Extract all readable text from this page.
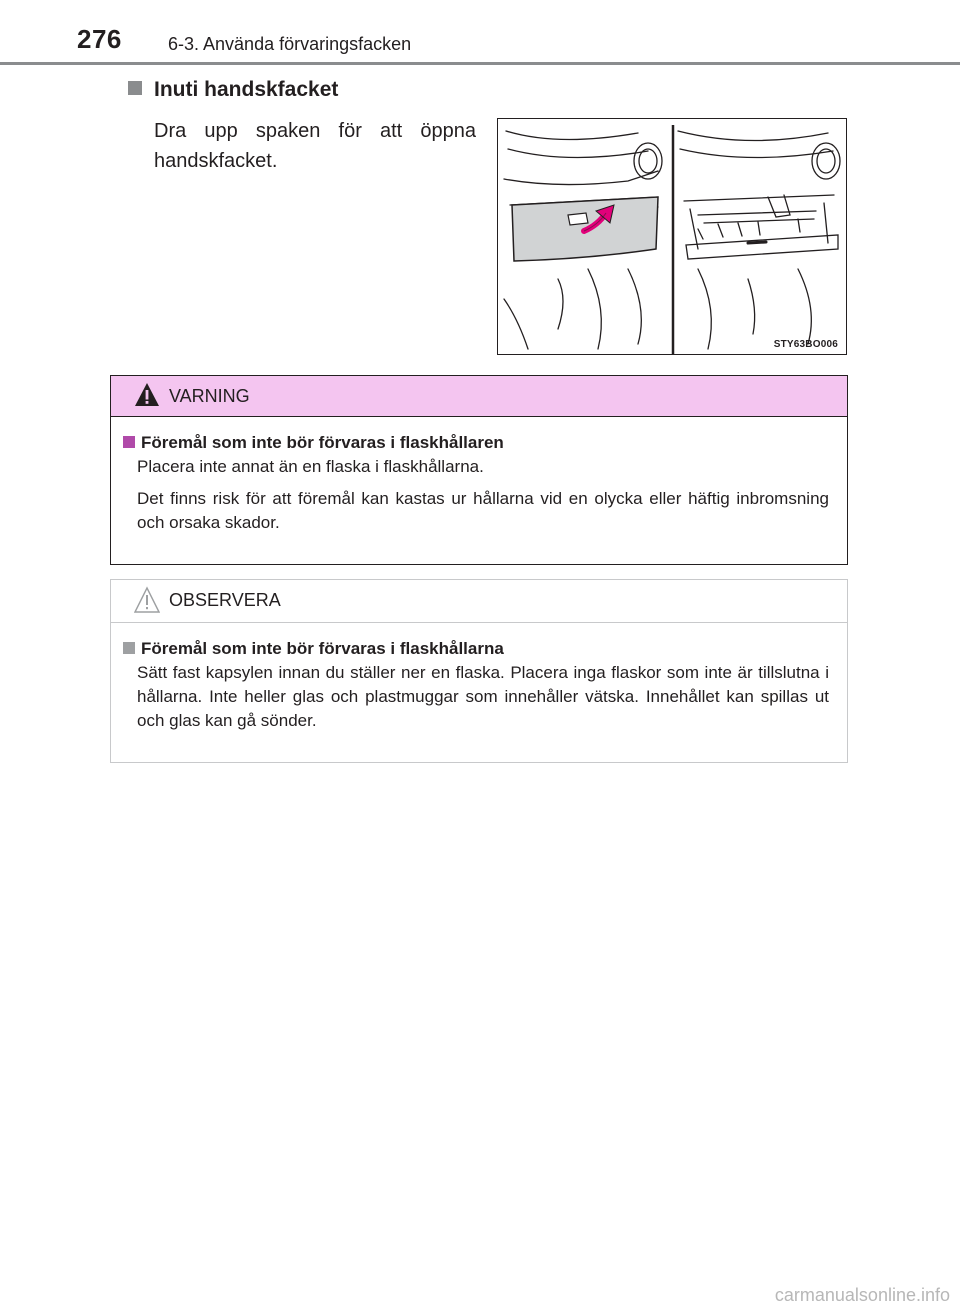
276	6-3. Använda förvaringsfacken
Inuti handskfacket
Dra upp spaken för att öppna handskfacket.
STY63BO006
VARNING
Föremål som inte bör förvaras i flaskhållaren

Placera inte annat än en flaska i flaskhållarna.

Det finns risk för att föremål kan kastas ur hållarna vid en olycka eller häftig inbromsning och orsaka skador.

OBSERVERA
Föremål som inte bör förvaras i flaskhållarna

Sätt fast kapsylen innan du ställer ner en flaska. Placera inga flaskor som inte är tillslutna i hållarna. Inte heller glas och plastmuggar som innehåller vätska. Innehållet kan spillas ut och glas kan gå sönder.

carmanualsonline.info
